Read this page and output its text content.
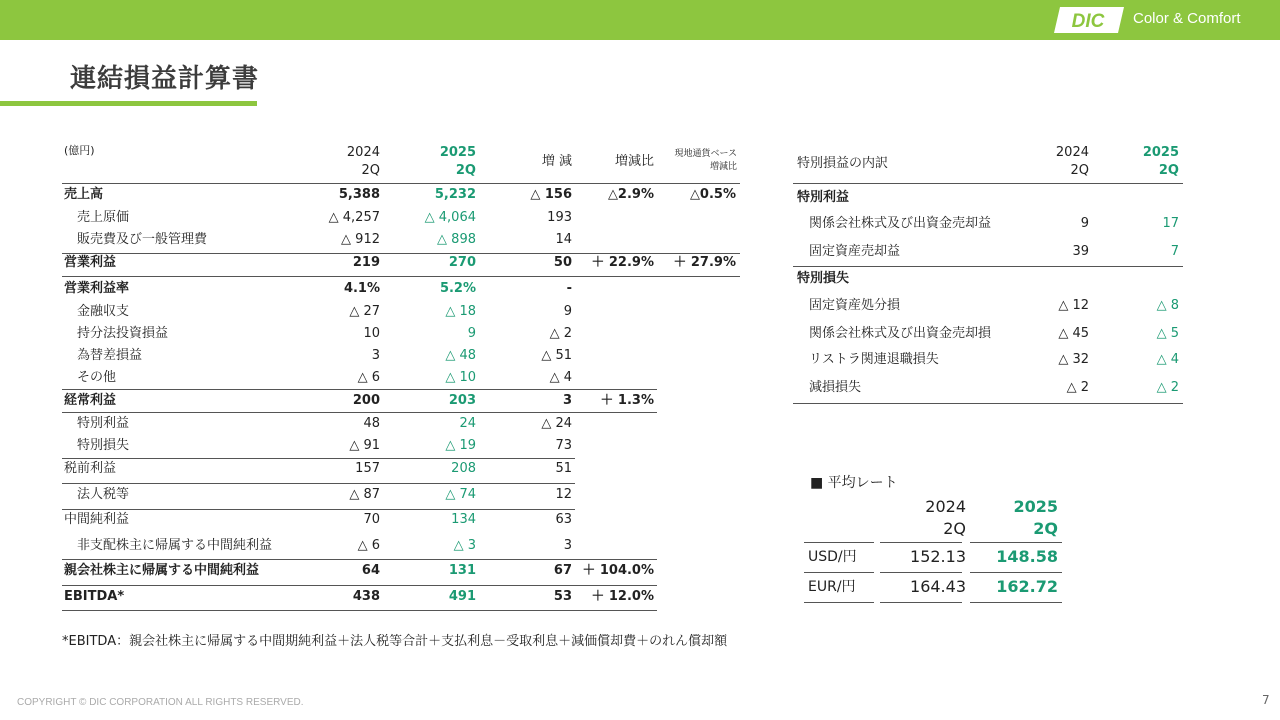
DIC Color & Comfort
連結損益計算書
(億円)	2024
2Q
2025
2Q
増 減	増減比	現地通貨ベース
増減比
売上高	5,388	5,232	△ 156	△2.9%	△0.5%
売上原価	△ 4,257	△ 4,064	193
販売費及び一般管理費	△ 912	△ 898	14
営業利益	219	270	50	＋ 22.9%	＋ 27.9%
営業利益率	4.1%	5.2%	-
金融収支	△ 27	△ 18	9
持分法投資損益	10	9	△ 2
為替差損益	3	△ 48	△ 51
その他	△ 6	△ 10	△ 4
経常利益	200	203	3	＋ 1.3%
特別利益	48	24	△ 24
特別損失	△ 91	△ 19	73
税前利益	157	208	51
法人税等	△ 87	△ 74	12
中間純利益	70	134	63
非支配株主に帰属する中間純利益	△ 6	△ 3	3
親会社株主に帰属する中間純利益	64	131	67 ＋ 104.0%
EBITDA*	438	491	53	＋ 12.0%
特別損益の内訳
2024
2Q
2025
2Q
特別利益
関係会社株式及び出資金売却益	9	17
固定資産売却益	39	7
特別損失
固定資産処分損	△ 12	△ 8
関係会社株式及び出資金売却損	△ 45	△ 5
リストラ関連退職損失	△ 32	△ 4
減損損失	△ 2	△ 2
■ 平均レート
2024
2Q
2025
2Q
USD/円	152.13	148.58
EUR/円	164.43	162.72
*EBITDA：親会社株主に帰属する中間期純利益＋法人税等合計＋支払利息－受取利息＋減価償却費＋のれん償却額
COPYRIGHT © DIC CORPORATION ALL RIGHTS RESERVED.	7
